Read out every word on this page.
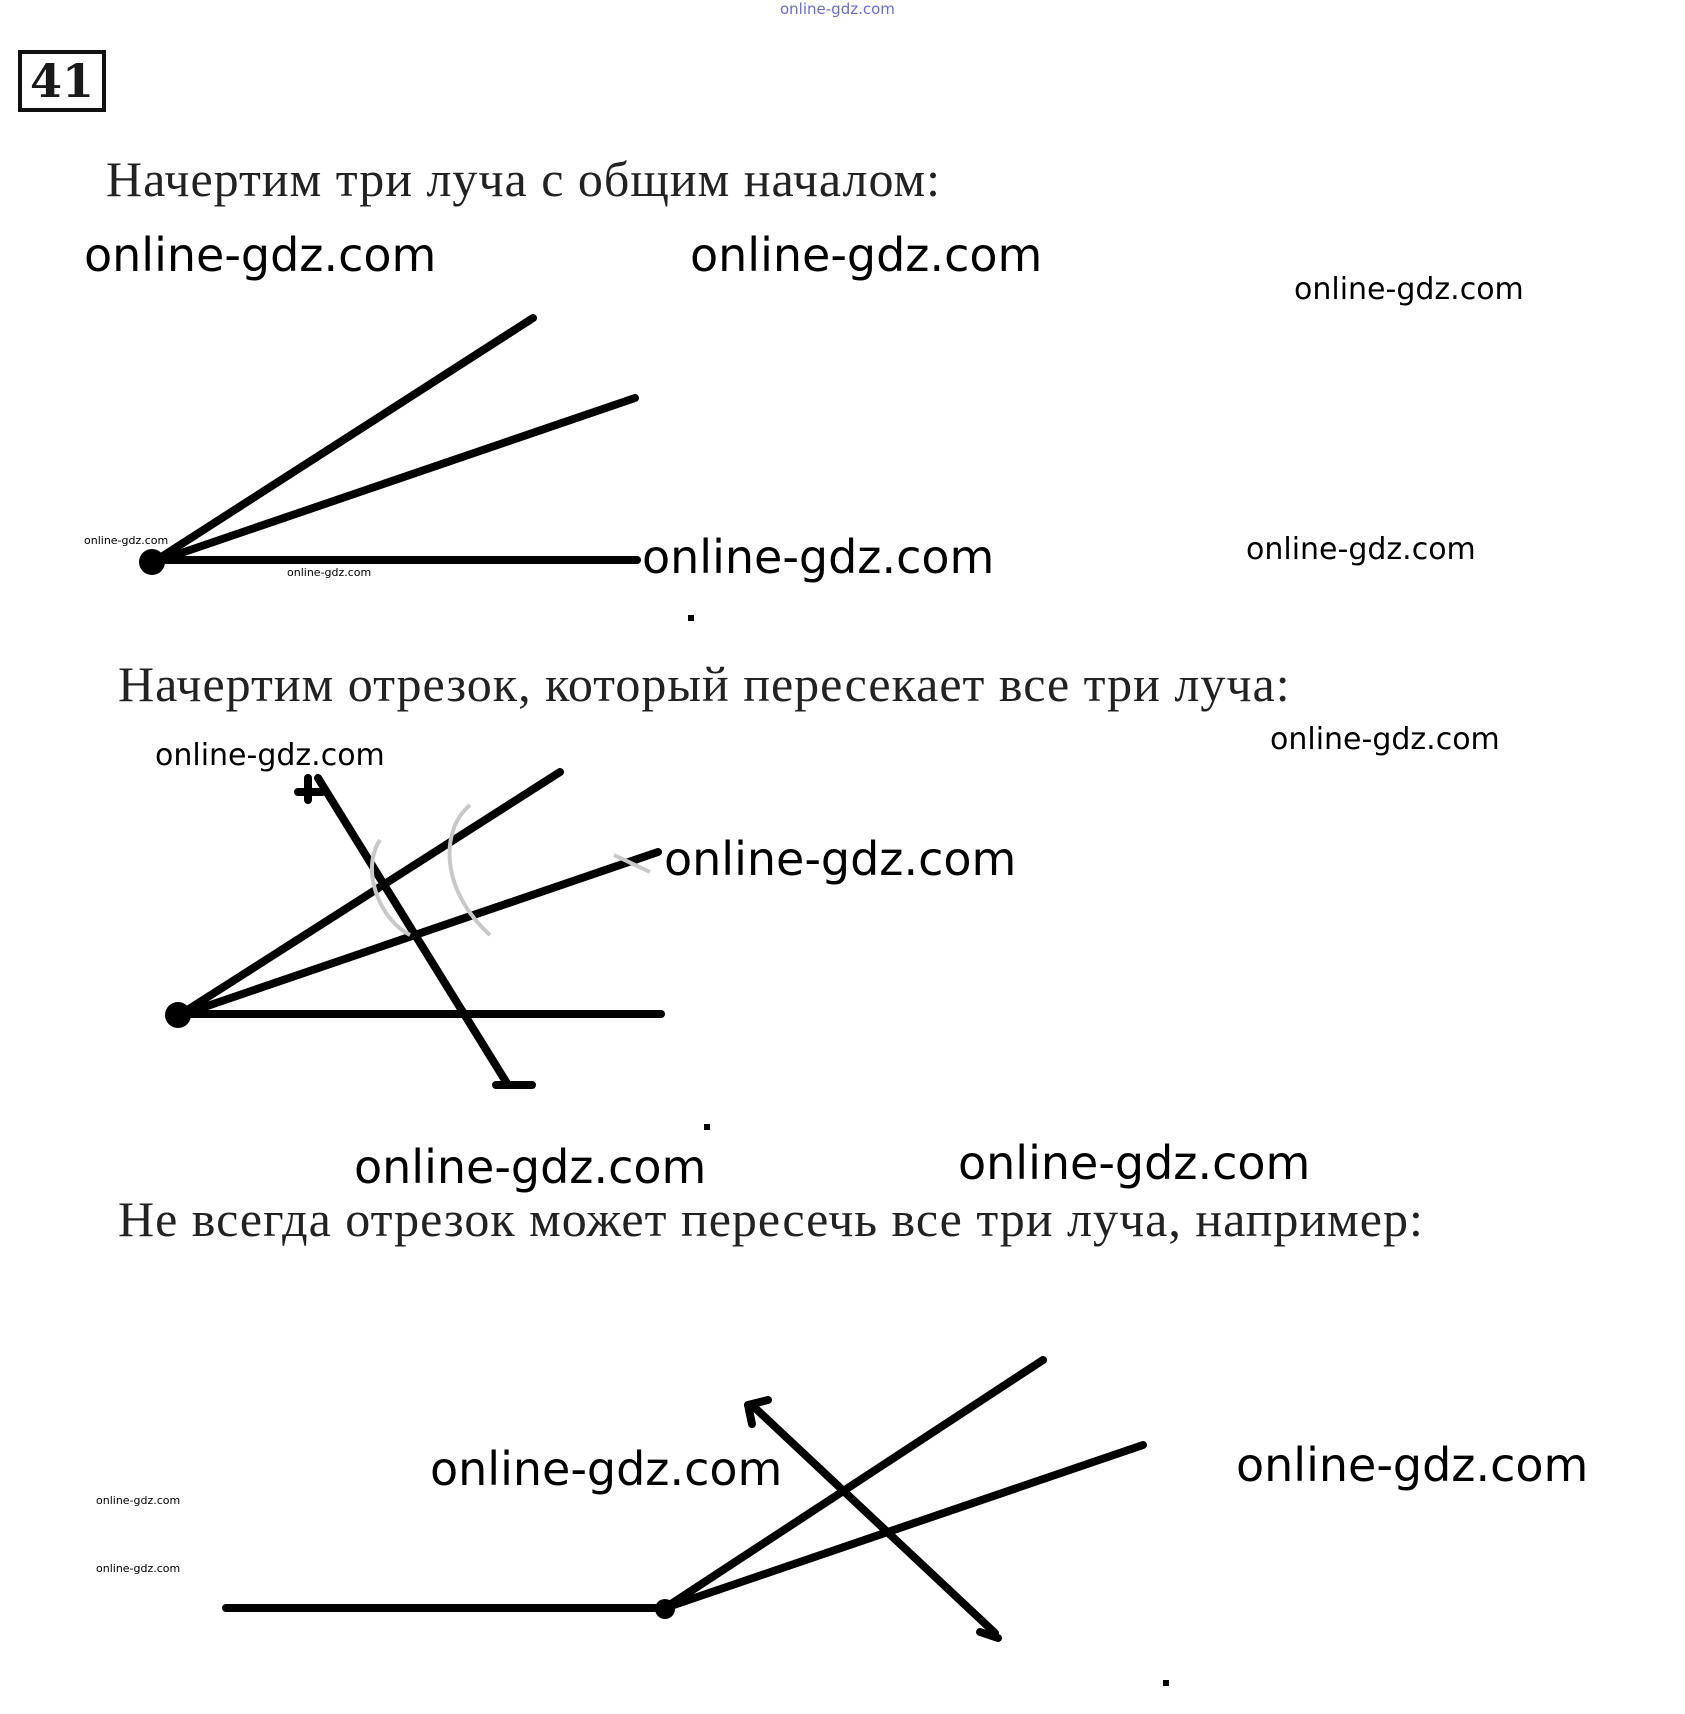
online-gdz.com
41
Начертим три луча с общим началом:
Начертим отрезок, который пересекает все три луча:
Не всегда отрезок может пересечь все три луча, например:
online-gdz.com	online-gdz.com
online-gdz.com
online-gdz.com
online-gdz.com	online-gdz.com	online-gdz.com
online-gdz.com	online-gdz.com
online-gdz.com
online-gdz.com	online-gdz.com
online-gdz.com	online-gdz.com
online-gdz.com
online-gdz.com
